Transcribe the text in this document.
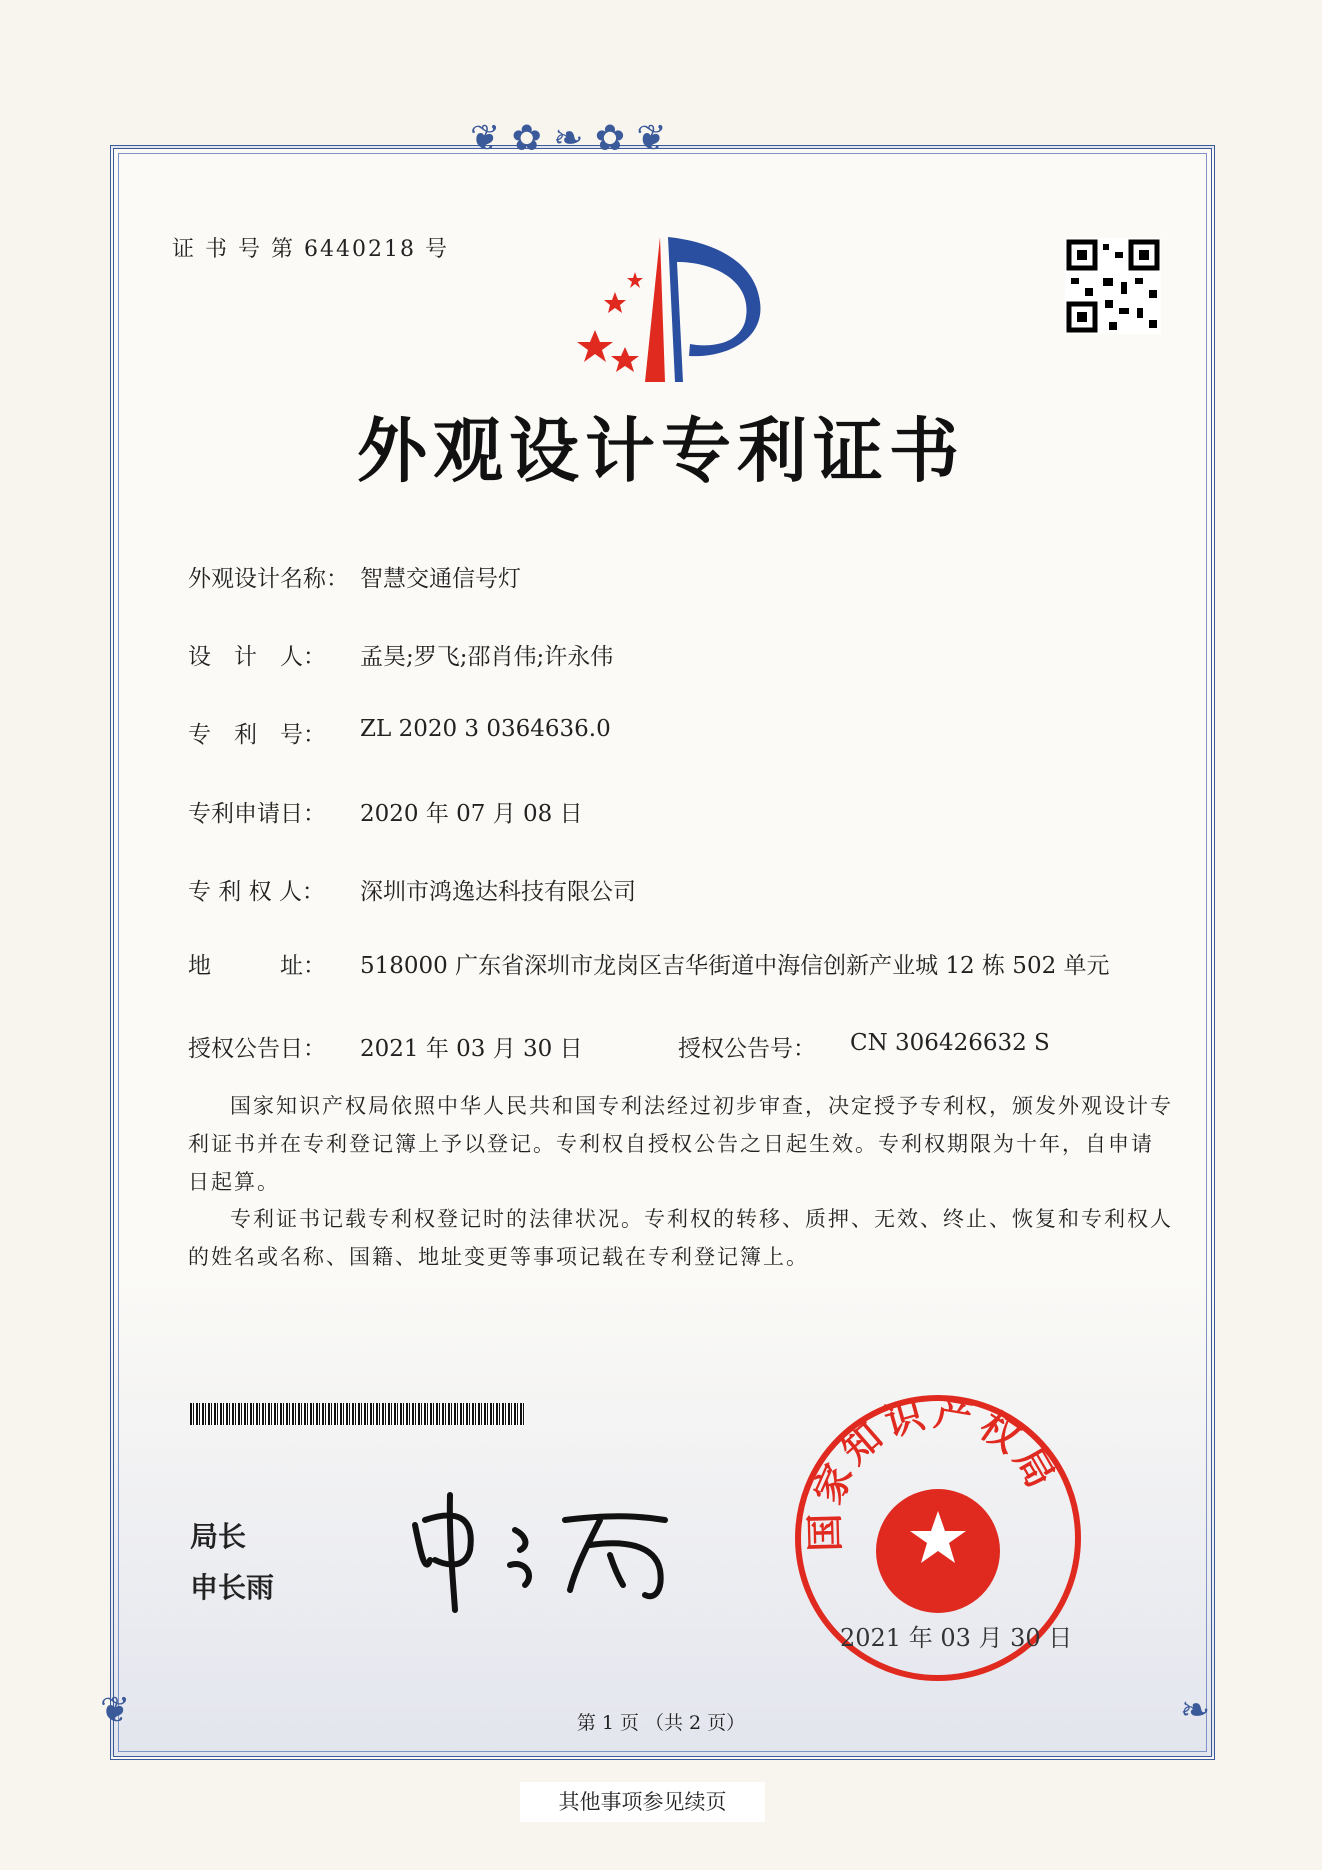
❦ ✿ ❧ ✿ ❦
❦	❧
证 书 号 第 6440218 号
外观设计专利证书
外观设计名称： 智慧交通信号灯
设　计　人： 孟昊;罗飞;邵肖伟;许永伟
专　利　号： ZL 2020 3 0364636.0
专利申请日： 2020 年 07 月 08 日
专 利 权 人： 深圳市鸿逸达科技有限公司
地　　　址： 518000 广东省深圳市龙岗区吉华街道中海信创新产业城 12 栋 502 单元
授权公告日： 2021 年 03 月 30 日	授权公告号： CN 306426632 S
国家知识产权局依照中华人民共和国专利法经过初步审查，决定授予专利权，颁发外观设计专利证书并在专利登记簿上予以登记。专利权自授权公告之日起生效。专利权期限为十年，自申请日起算。
专利证书记载专利权登记时的法律状况。专利权的转移、质押、无效、终止、恢复和专利权人的姓名或名称、国籍、地址变更等事项记载在专利登记簿上。
局长
申长雨
国家知识产权局
2021 年 03 月 30 日
第 1 页 （共 2 页）
其他事项参见续页
